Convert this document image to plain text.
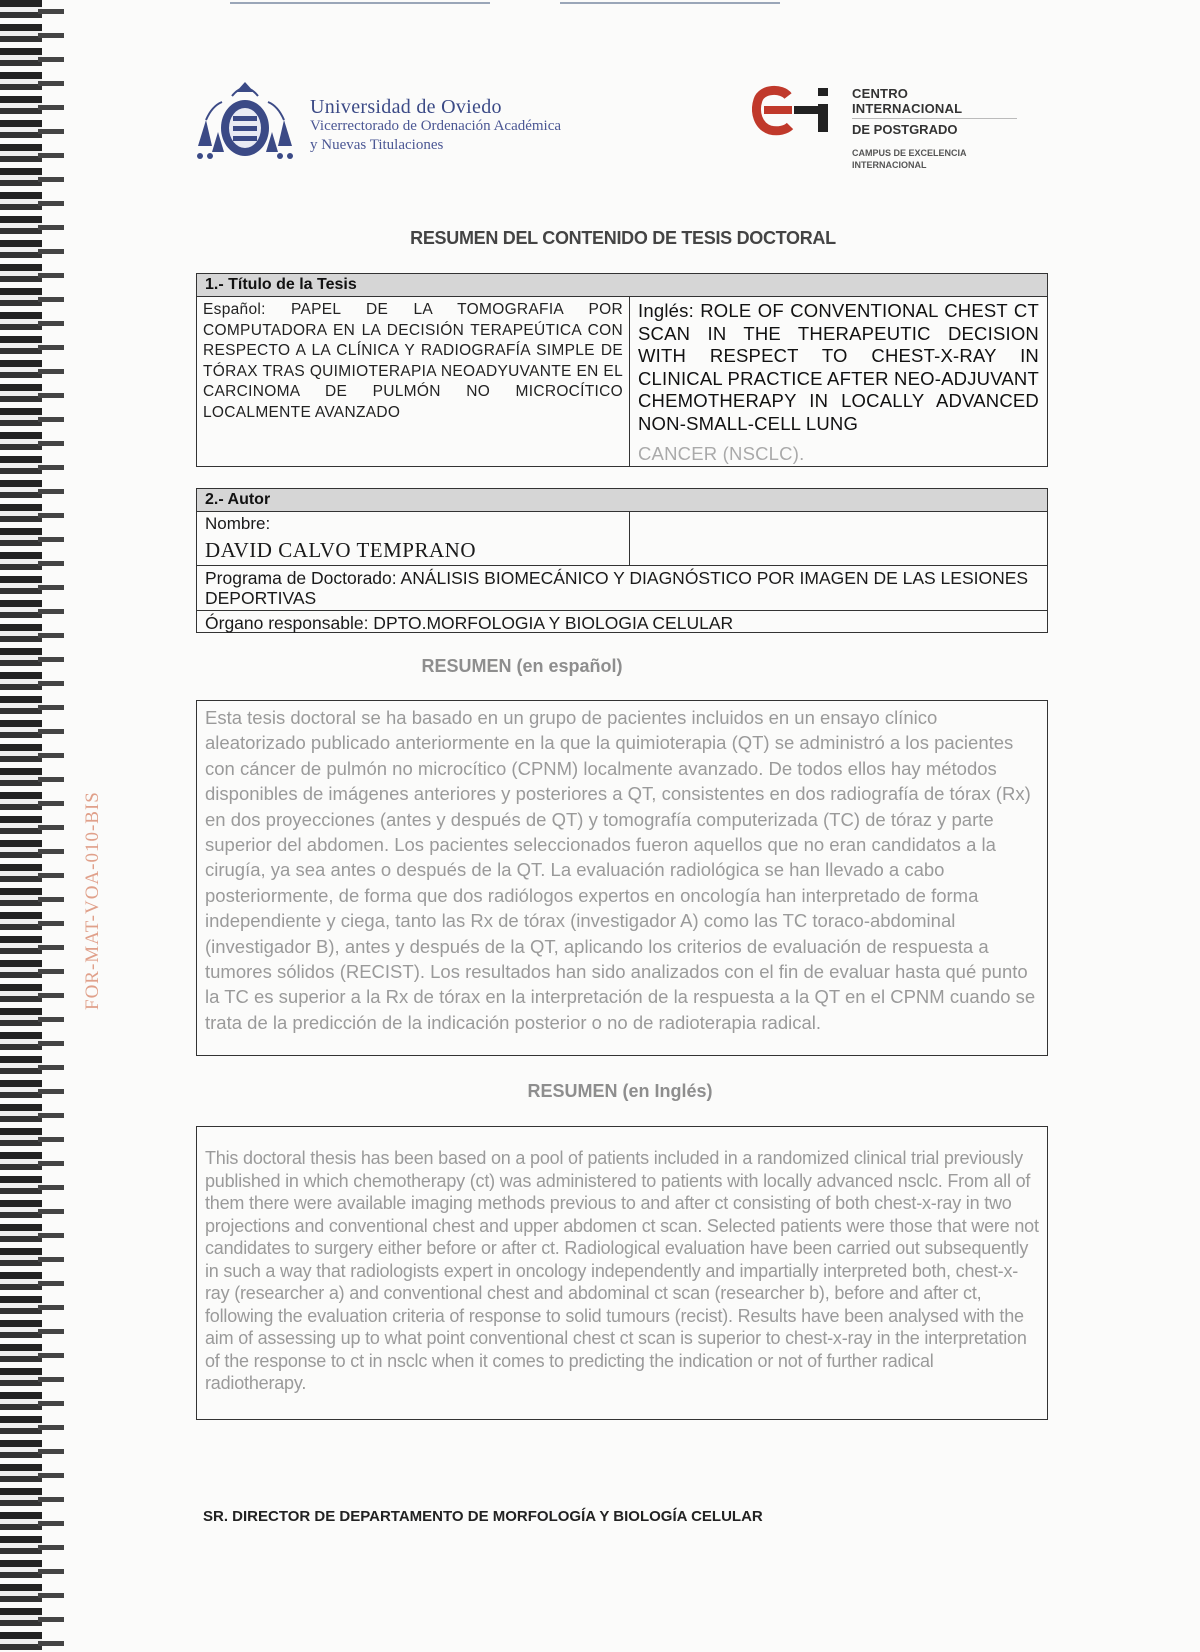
FOR-MAT-VOA-010-BIS
Universidad de Oviedo
Vicerrectorado de Ordenación Académica
y Nuevas Titulaciones
CENTRO INTERNACIONAL
DE POSTGRADO
CAMPUS DE EXCELENCIA
INTERNACIONAL
RESUMEN DEL CONTENIDO DE TESIS DOCTORAL
1.- Título de la Tesis
Español: PAPEL DE LA TOMOGRAFIA POR COMPUTADORA EN LA DECISIÓN TERAPEÚTICA CON RESPECTO A LA CLÍNICA Y RADIOGRAFÍA SIMPLE DE TÓRAX TRAS QUIMIOTERAPIA NEOADYUVANTE EN EL CARCINOMA DE PULMÓN NO MICROCÍTICO LOCALMENTE AVANZADO
Inglés: ROLE OF CONVENTIONAL CHEST CT SCAN IN THE THERAPEUTIC DECISION WITH RESPECT TO CHEST-X-RAY IN CLINICAL PRACTICE AFTER NEO-ADJUVANT CHEMOTHERAPY IN LOCALLY ADVANCED NON-SMALL-CELL LUNG
CANCER (NSCLC).
2.- Autor
Nombre:
DAVID CALVO TEMPRANO
Programa de Doctorado: ANÁLISIS BIOMECÁNICO Y DIAGNÓSTICO POR IMAGEN DE LAS LESIONES DEPORTIVAS
Órgano responsable: DPTO.MORFOLOGIA Y BIOLOGIA CELULAR
RESUMEN (en español)
Esta tesis doctoral se ha basado en un grupo de pacientes incluidos en un ensayo clínico aleatorizado publicado anteriormente en la que la quimioterapia (QT) se administró a los pacientes con cáncer de pulmón no microcítico (CPNM) localmente avanzado. De todos ellos hay métodos disponibles de imágenes anteriores y posteriores a QT, consistentes en dos radiografía de tórax (Rx) en dos proyecciones (antes y después de QT) y tomografía computerizada (TC) de tóraz y parte superior del abdomen. Los pacientes seleccionados fueron aquellos que no eran candidatos a la cirugía, ya sea antes o después de la QT. La evaluación radiológica se han llevado a cabo posteriormente, de forma que dos radiólogos expertos en oncología han interpretado de forma independiente y ciega, tanto las Rx de tórax (investigador A) como las TC toraco-abdominal (investigador B), antes y después de la QT, aplicando los criterios de evaluación de respuesta a tumores sólidos (RECIST). Los resultados han sido analizados con el fin de evaluar hasta qué punto la TC es superior a la Rx de tórax en la interpretación de la respuesta a la QT en el CPNM cuando se trata de la predicción de la indicación posterior o no de radioterapia radical.
RESUMEN (en Inglés)
This doctoral thesis has been based on a pool of patients included in a randomized clinical trial previously published in which chemotherapy (ct) was administered to patients with locally advanced nsclc. From all of them there were available imaging methods previous to and after ct consisting of both chest-x-ray in two projections and conventional chest and upper abdomen ct scan. Selected patients were those that were not candidates to surgery either before or after ct. Radiological evaluation have been carried out subsequently in such a way that radiologists expert in oncology independently and impartially interpreted both, chest-x-ray (researcher a) and conventional chest and abdominal ct scan (researcher b), before and after ct, following the evaluation criteria of response to solid tumours (recist). Results have been analysed with the aim of assessing up to what point conventional chest ct scan is superior to chest-x-ray in the interpretation of the response to ct in nsclc when it comes to predicting the indication or not of further radical radiotherapy.
SR. DIRECTOR DE DEPARTAMENTO DE MORFOLOGÍA Y BIOLOGÍA CELULAR
